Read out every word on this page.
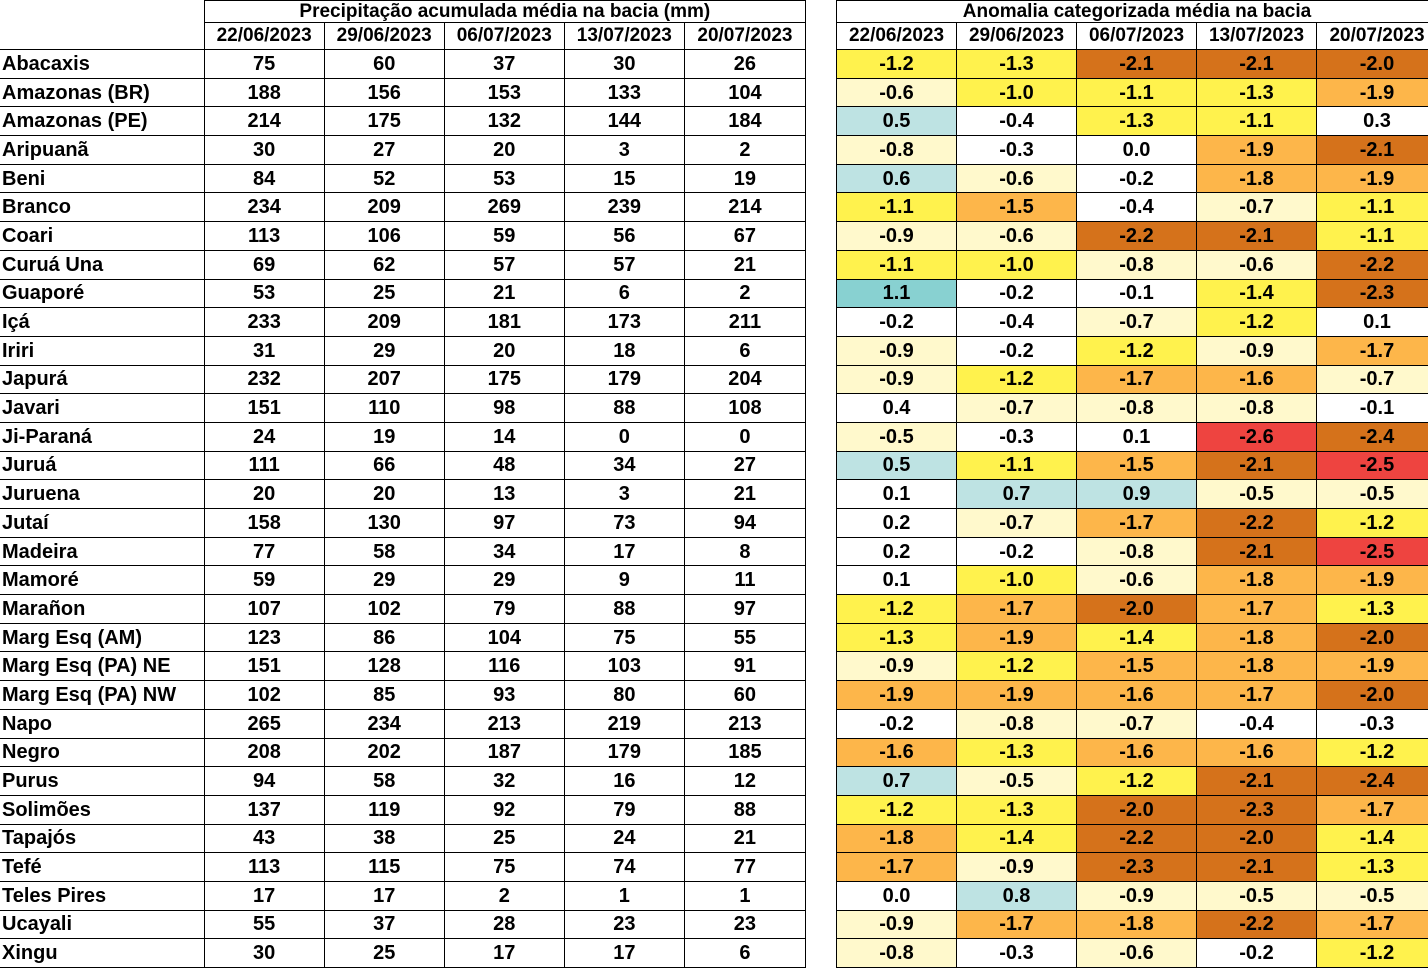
	Precipitação acumulada média na bacia (mm)				
	22/06/2023	29/06/2023	06/07/2023	13/07/2023	20/07/2023
Abacaxis	75	60	37	30	26
Amazonas (BR)	188	156	153	133	104
Amazonas (PE)	214	175	132	144	184
Aripuanã	30	27	20	3	2
Beni	84	52	53	15	19
Branco	234	209	269	239	214
Coari	113	106	59	56	67
Curuá Una	69	62	57	57	21
Guaporé	53	25	21	6	2
Içá	233	209	181	173	211
Iriri	31	29	20	18	6
Japurá	232	207	175	179	204
Javari	151	110	98	88	108
Ji-Paraná	24	19	14	0	0
Juruá	111	66	48	34	27
Juruena	20	20	13	3	21
Jutaí	158	130	97	73	94
Madeira	77	58	34	17	8
Mamoré	59	29	29	9	11
Marañon	107	102	79	88	97
Marg Esq (AM)	123	86	104	75	55
Marg Esq (PA) NE	151	128	116	103	91
Marg Esq (PA) NW	102	85	93	80	60
Napo	265	234	213	219	213
Negro	208	202	187	179	185
Purus	94	58	32	16	12
Solimões	137	119	92	79	88
Tapajós	43	38	25	24	21
Tefé	113	115	75	74	77
Teles Pires	17	17	2	1	1
Ucayali	55	37	28	23	23
Xingu	30	25	17	17	6
Anomalia categorizada média na bacia				
22/06/2023	29/06/2023	06/07/2023	13/07/2023	20/07/2023
-1.2	-1.3	-2.1	-2.1	-2.0
-0.6	-1.0	-1.1	-1.3	-1.9
0.5	-0.4	-1.3	-1.1	0.3
-0.8	-0.3	0.0	-1.9	-2.1
0.6	-0.6	-0.2	-1.8	-1.9
-1.1	-1.5	-0.4	-0.7	-1.1
-0.9	-0.6	-2.2	-2.1	-1.1
-1.1	-1.0	-0.8	-0.6	-2.2
1.1	-0.2	-0.1	-1.4	-2.3
-0.2	-0.4	-0.7	-1.2	0.1
-0.9	-0.2	-1.2	-0.9	-1.7
-0.9	-1.2	-1.7	-1.6	-0.7
0.4	-0.7	-0.8	-0.8	-0.1
-0.5	-0.3	0.1	-2.6	-2.4
0.5	-1.1	-1.5	-2.1	-2.5
0.1	0.7	0.9	-0.5	-0.5
0.2	-0.7	-1.7	-2.2	-1.2
0.2	-0.2	-0.8	-2.1	-2.5
0.1	-1.0	-0.6	-1.8	-1.9
-1.2	-1.7	-2.0	-1.7	-1.3
-1.3	-1.9	-1.4	-1.8	-2.0
-0.9	-1.2	-1.5	-1.8	-1.9
-1.9	-1.9	-1.6	-1.7	-2.0
-0.2	-0.8	-0.7	-0.4	-0.3
-1.6	-1.3	-1.6	-1.6	-1.2
0.7	-0.5	-1.2	-2.1	-2.4
-1.2	-1.3	-2.0	-2.3	-1.7
-1.8	-1.4	-2.2	-2.0	-1.4
-1.7	-0.9	-2.3	-2.1	-1.3
0.0	0.8	-0.9	-0.5	-0.5
-0.9	-1.7	-1.8	-2.2	-1.7
-0.8	-0.3	-0.6	-0.2	-1.2
